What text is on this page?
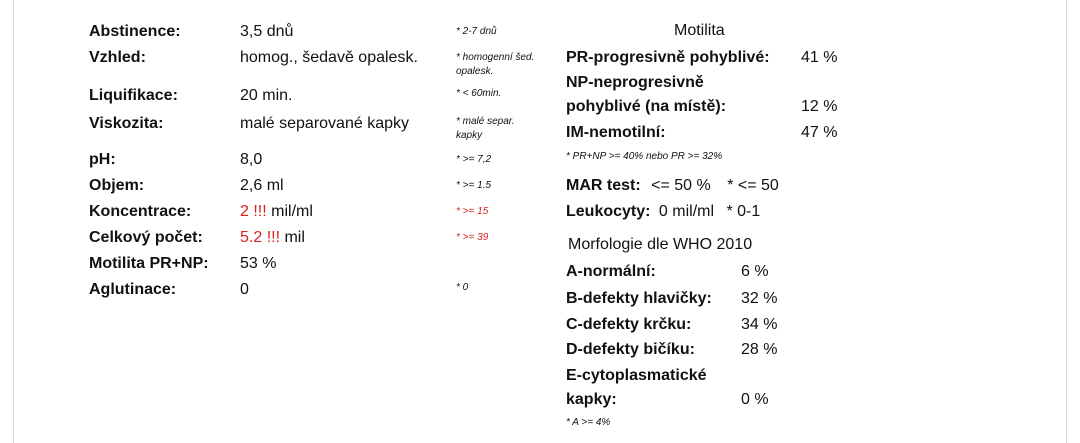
Abstinence:	3,5 dnů	* 2-7 dnů
Vzhled:	homog., šedavě opalesk.	* homogenní šed. opalesk.
Liquifikace:	20 min.	* < 60min.
Viskozita:	malé separované kapky	* malé separ. kapky
pH:	8,0	* >= 7,2
Objem:	2,6 ml	* >= 1.5
Koncentrace:	2 !!! mil/ml	* >= 15
Celkový počet: 5.2 !!! mil	* >= 39
Motilita PR+NP: 53 %
Aglutinace:	0	* 0
Motilita
PR-progresivně pohyblivé: 41 %
NP-neprogresivně
pohyblivé (na místě):	12 %
IM-nemotilní:	47 %
* PR+NP >= 40% nebo PR >= 32%
MAR test: <= 50 % * <= 50
Leukocyty: 0 mil/ml * 0-1
Morfologie dle WHO 2010
A-normální:	6 %
B-defekty hlavičky: 32 %
C-defekty krčku:	34 %
D-defekty bičíku:	28 %
E-cytoplasmatické
kapky:	0 %
* A >= 4%
